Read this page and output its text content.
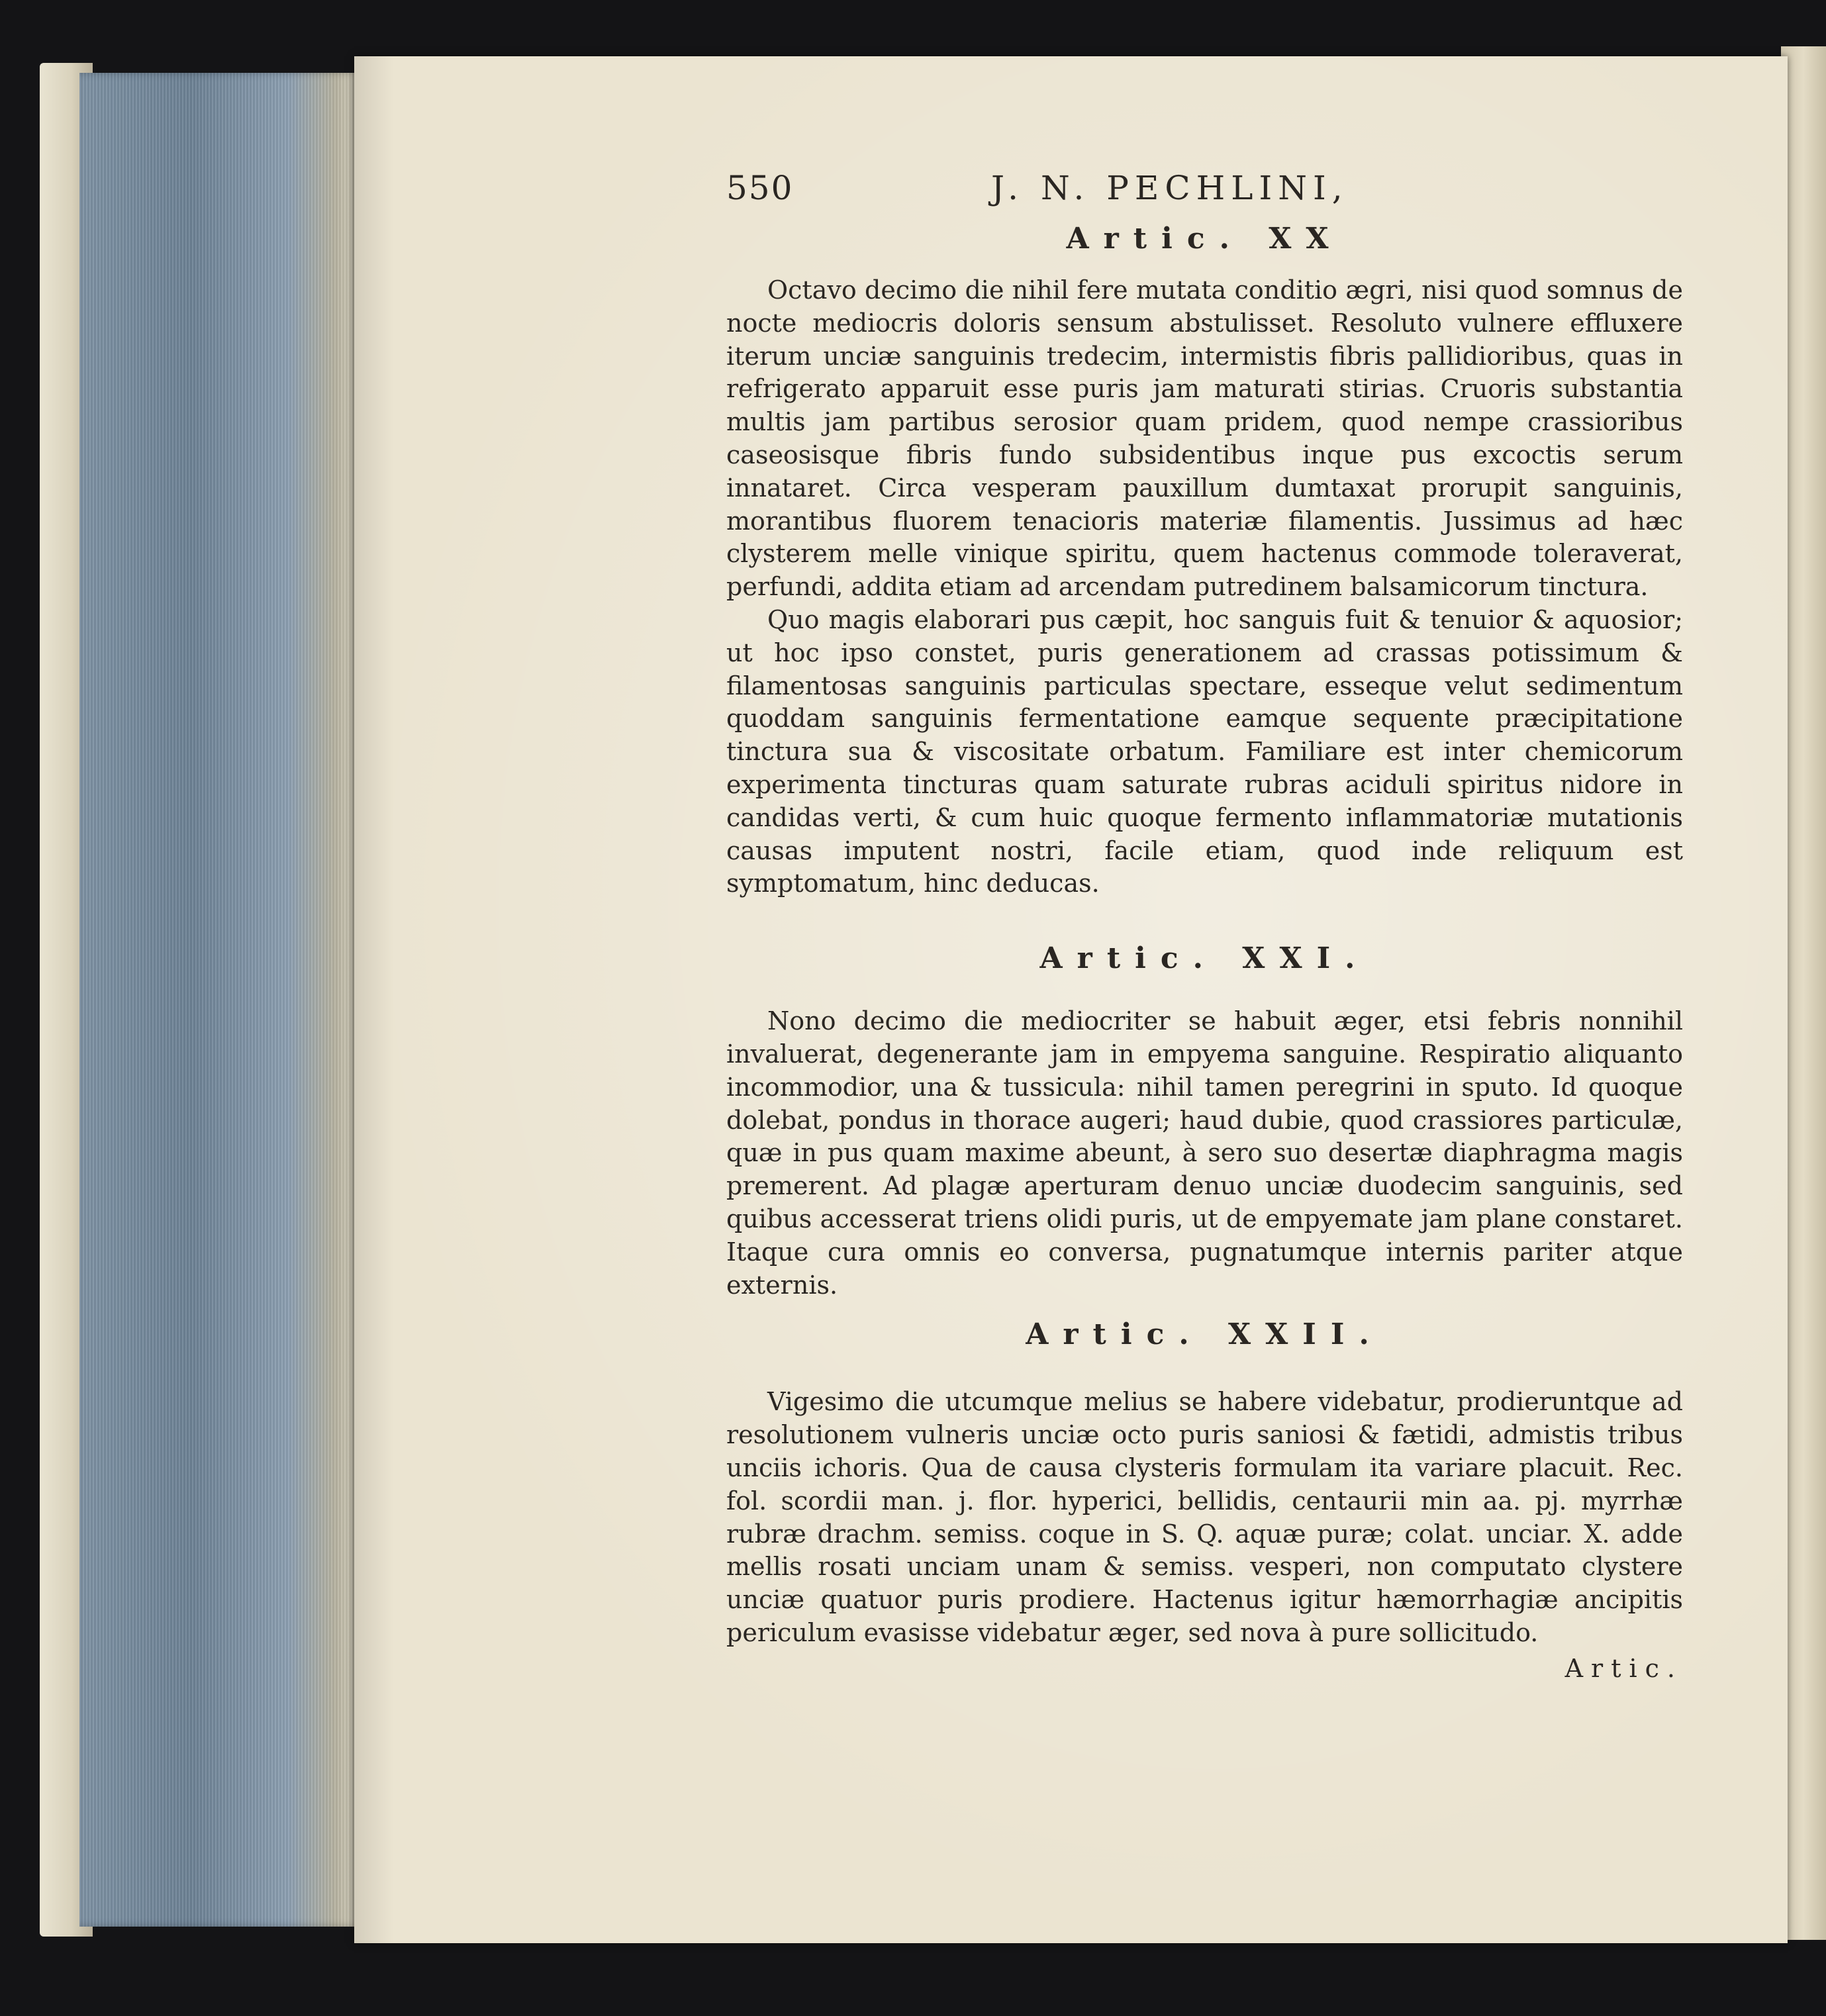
550	J. N. PECHLINI,
Artic. XX

Octavo decimo die nihil fere mutata conditio ægri, nisi quod somnus de nocte mediocris doloris sensum abstulisset. Resoluto vulnere effluxere iterum unciæ sanguinis tredecim, intermistis fibris pallidioribus, quas in refrigerato apparuit esse puris jam maturati stirias. Cruoris substantia multis jam partibus serosior quam pridem, quod nempe crassioribus caseosisque fibris fundo subsidentibus inque pus excoctis serum innataret. Circa vesperam pauxillum dumtaxat prorupit sanguinis, morantibus fluorem tenacioris materiæ filamentis. Jussimus ad hæc clysterem melle vinique spiritu, quem hactenus commode toleraverat, perfundi, addita etiam ad arcendam putredinem balsamicorum tinctura.

Quo magis elaborari pus cæpit, hoc sanguis fuit & tenuior & aquosior; ut hoc ipso constet, puris generationem ad crassas potissimum & filamentosas sanguinis particulas spectare, esseque velut sedimentum quoddam sanguinis fermentatione eamque sequente præcipitatione tinctura sua & viscositate orbatum. Familiare est inter chemicorum experimenta tincturas quam saturate rubras aciduli spiritus nidore in candidas verti, & cum huic quoque fermento inflammatoriæ mutationis causas imputent nostri, facile etiam, quod inde reliquum est symptomatum, hinc deducas.

Artic. XXI.

Nono decimo die mediocriter se habuit æger, etsi febris nonnihil invaluerat, degenerante jam in empyema sanguine. Respiratio aliquanto incommodior, una & tussicula: nihil tamen peregrini in sputo. Id quoque dolebat, pondus in thorace augeri; haud dubie, quod crassiores particulæ, quæ in pus quam maxime abeunt, à sero suo desertæ diaphragma magis premerent. Ad plagæ aperturam denuo unciæ duodecim sanguinis, sed quibus accesserat triens olidi puris, ut de empyemate jam plane constaret. Itaque cura omnis eo conversa, pugnatumque internis pariter atque externis.

Artic. XXII.

Vigesimo die utcumque melius se habere videbatur, prodieruntque ad resolutionem vulneris unciæ octo puris saniosi & fætidi, admistis tribus unciis ichoris. Qua de causa clysteris formulam ita variare placuit. Rec. fol. scordii man. j. flor. hyperici, bellidis, centaurii min aa. pj. myrrhæ rubræ drachm. semiss. coque in S. Q. aquæ puræ; colat. unciar. X. adde mellis rosati unciam unam & semiss. vesperi, non computato clystere unciæ quatuor puris prodiere. Hactenus igitur hæmorrhagiæ ancipitis periculum evasisse videbatur æger, sed nova à pure sollicitudo.

Artic.
